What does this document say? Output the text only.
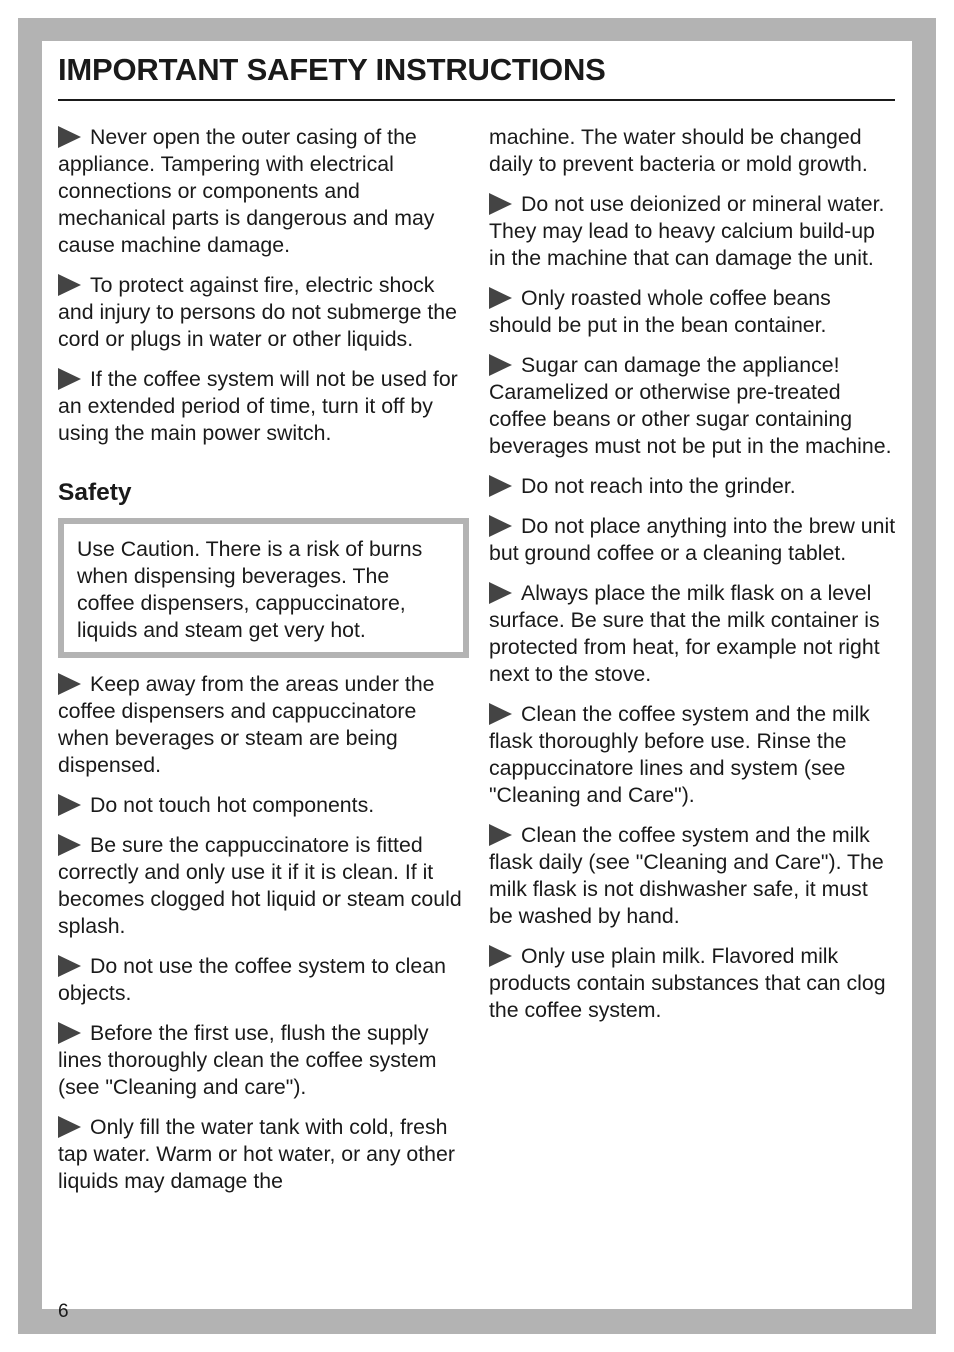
IMPORTANT SAFETY INSTRUCTIONS

Never open the outer casing of the appliance. Tampering with electrical connections or components and mechanical parts is dangerous and may cause machine damage.

To protect against fire, electric shock and injury to persons do not submerge the cord or plugs in water or other liquids.

If the coffee system will not be used for an extended period of time, turn it off by using the main power switch.

Safety
Use Caution. There is a risk of burns when dispensing beverages. The coffee dispensers, cappuccinatore, liquids and steam get very hot.

Keep away from the areas under the coffee dispensers and cappuccinatore when beverages or steam are being dispensed.

Do not touch hot components.

Be sure the cappuccinatore is fitted correctly and only use it if it is clean. If it becomes clogged hot liquid or steam could splash.

Do not use the coffee system to clean objects.

Before the first use, flush the supply lines thoroughly clean the coffee system (see "Cleaning and care").

Only fill the water tank with cold, fresh tap water. Warm or hot water, or any other liquids may damage the

machine. The water should be changed daily to prevent bacteria or mold growth.

Do not use deionized or mineral water. They may lead to heavy calcium build-up in the machine that can damage the unit.

Only roasted whole coffee beans should be put in the bean container.

Sugar can damage the appliance! Caramelized or otherwise pre-treated coffee beans or other sugar containing beverages must not be put in the machine.

Do not reach into the grinder.

Do not place anything into the brew unit but ground coffee or a cleaning tablet.

Always place the milk flask on a level surface. Be sure that the milk container is protected from heat, for example not right next to the stove.

Clean the coffee system and the milk flask thoroughly before use. Rinse the cappuccinatore lines and system (see "Cleaning and Care").

Clean the coffee system and the milk flask daily (see "Cleaning and Care"). The milk flask is not dishwasher safe, it must be washed by hand.

Only use plain milk. Flavored milk products contain substances that can clog the coffee system.

6
